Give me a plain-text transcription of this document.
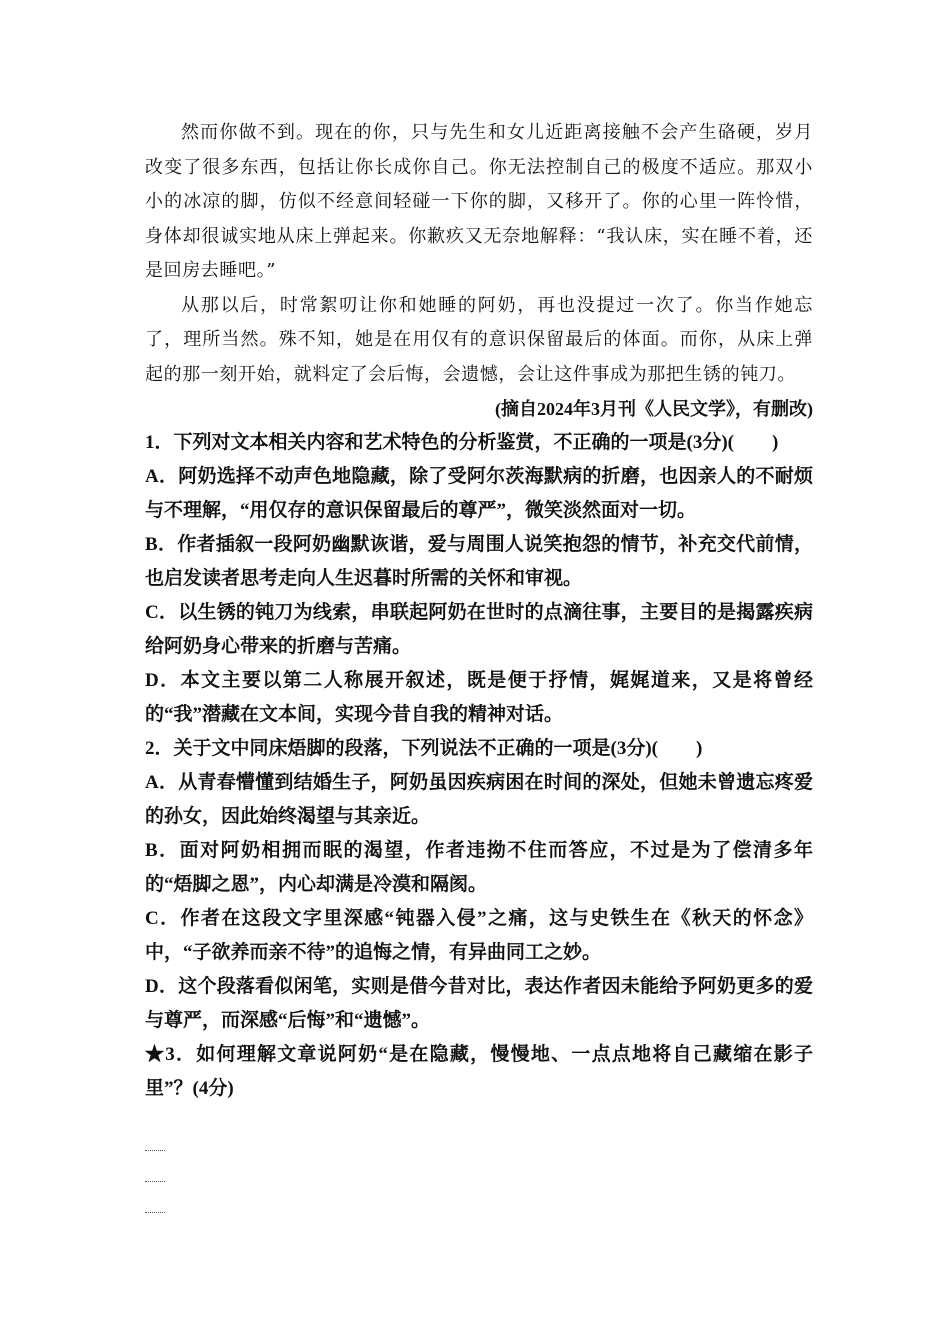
然而你做不到。现在的你，只与先生和女儿近距离接触不会产生硌硬，岁月改变了很多东西，包括让你长成你自己。你无法控制自己的极度不适应。那双小小的冰凉的脚，仿似不经意间轻碰一下你的脚，又移开了。你的心里一阵怜惜，身体却很诚实地从床上弹起来。你歉疚又无奈地解释：“我认床，实在睡不着，还是回房去睡吧。”

从那以后，时常絮叨让你和她睡的阿奶，再也没提过一次了。你当作她忘了，理所当然。殊不知，她是在用仅有的意识保留最后的体面。而你，从床上弹起的那一刻开始，就料定了会后悔，会遗憾，会让这件事成为那把生锈的钝刀。

(摘自2024年3月刊《人民文学》，有删改)

1．下列对文本相关内容和艺术特色的分析鉴赏，不正确的一项是(3分)(　　)

A．阿奶选择不动声色地隐藏，除了受阿尔茨海默病的折磨，也因亲人的不耐烦与不理解，“用仅存的意识保留最后的尊严”，微笑淡然面对一切。

B．作者插叙一段阿奶幽默诙谐，爱与周围人说笑抱怨的情节，补充交代前情，也启发读者思考走向人生迟暮时所需的关怀和审视。

C．以生锈的钝刀为线索，串联起阿奶在世时的点滴往事，主要目的是揭露疾病给阿奶身心带来的折磨与苦痛。

D．本文主要以第二人称展开叙述，既是便于抒情，娓娓道来，又是将曾经的“我”潜藏在文本间，实现今昔自我的精神对话。

2．关于文中同床焐脚的段落，下列说法不正确的一项是(3分)(　　)

A．从青春懵懂到结婚生子，阿奶虽因疾病困在时间的深处，但她未曾遗忘疼爱的孙女，因此始终渴望与其亲近。

B．面对阿奶相拥而眠的渴望，作者违拗不住而答应，不过是为了偿清多年的“焐脚之恩”，内心却满是冷漠和隔阂。

C．作者在这段文字里深感“钝器入侵”之痛，这与史铁生在《秋天的怀念》中，“子欲养而亲不待”的追悔之情，有异曲同工之妙。

D．这个段落看似闲笔，实则是借今昔对比，表达作者因未能给予阿奶更多的爱与尊严，而深感“后悔”和“遗憾”。

★3．如何理解文章说阿奶“是在隐藏，慢慢地、一点点地将自己藏缩在影子里”？(4分)
